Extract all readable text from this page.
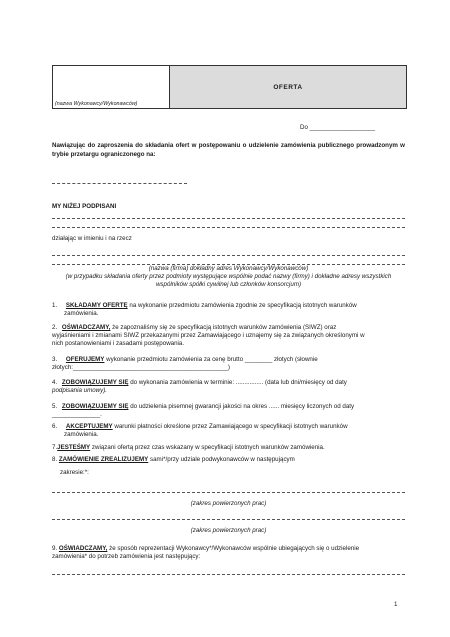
(nazwa Wykonawcy/Wykonawców)
OFERTA
Do ___________________
Nawiązując do zaproszenia do składania ofert w postępowaniu o udzielenie zamówienia publicznego prowadzonym w trybie przetargu ograniczonego na:
MY NIŻEJ PODPISANI
działając w imieniu i na rzecz
(nazwa (firma) dokładny adres Wykonawcy/Wykonawców)
(w przypadku składania oferty przez podmioty występujące wspólnie podać nazwy (firmy) i dokładne adresy wszystkich
wspólników spółki cywilnej lub członków konsorcjum)
1. SKŁADAMY OFERTĘ na wykonanie przedmiotu zamówienia zgodnie ze specyfikacją istotnych warunków
zamówienia.
2. OŚWIADCZAMY, że zapoznaliśmy się ze specyfikacją istotnych warunków zamówienia (SIWZ) oraz
wyjaśnieniami i zmianami SIWZ przekazanymi przez Zamawiającego i uznajemy się za związanych określonymi w
nich postanowieniami i zasadami postępowania.
3. OFERUJEMY wykonanie przedmiotu zamówienia za cenę brutto ________ złotych (słownie
złotych:_____________________________________________)
4. ZOBOWIĄZUJEMY SIĘ do wykonania zamówienia w terminie: ................ (data lub dni/miesięcy od daty
podpisania umowy).
5. ZOBOWIĄZUJEMY SIĘ do udzielenia pisemnej gwarancji jakości na okres ...... miesięcy liczonych od daty
______________.
6. AKCEPTUJEMY warunki płatności określone przez Zamawiającego w specyfikacji istotnych warunków
zamówienia.
7.JESTEŚMY związani ofertą przez czas wskazany w specyfikacji istotnych warunków zamówienia.
8. ZAMÓWIENIE ZREALIZUJEMY sami*/przy udziale podwykonawców w następującym
zakresie:*:
(zakres powierzonych prac)
(zakres powierzonych prac)
9. OŚWIADCZAMY, że sposób reprezentacji Wykonawcy*/Wykonawców wspólnie ubiegających się o udzielenie
zamówienia* do potrzeb zamówienia jest następujący:
1
